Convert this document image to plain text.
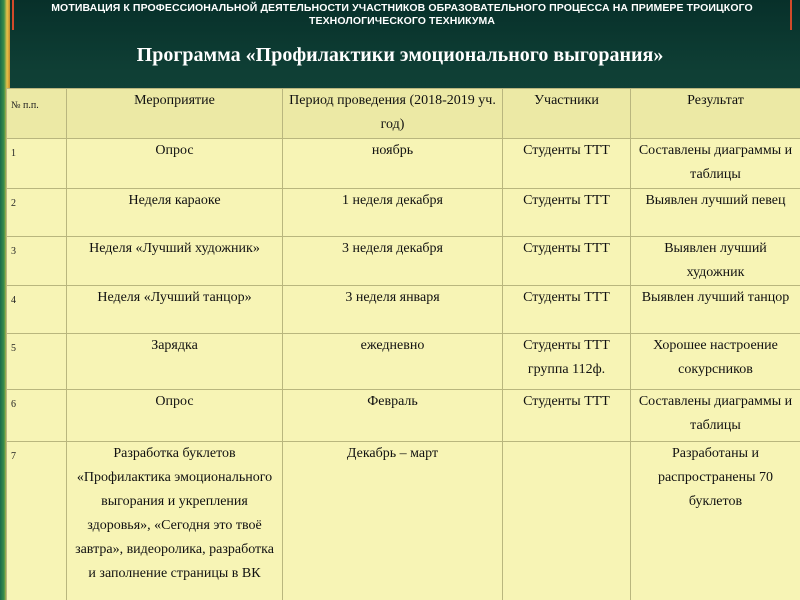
МОТИВАЦИЯ К ПРОФЕССИОНАЛЬНОЙ ДЕЯТЕЛЬНОСТИ УЧАСТНИКОВ ОБРАЗОВАТЕЛЬНОГО ПРОЦЕССА НА ПРИМЕРЕ ТРОИЦКОГО ТЕХНОЛОГИЧЕСКОГО ТЕХНИКУМА
Программа «Профилактики эмоционального выгорания»
№ п.п.	Мероприятие	Период проведения (2018-2019 уч. год)	Участники	Результат
1	Опрос	ноябрь	Студенты ТТТ	Составлены диаграммы и таблицы
2	Неделя караоке	1 неделя декабря	Студенты ТТТ	Выявлен лучший певец
3	Неделя «Лучший художник»	3 неделя декабря	Студенты ТТТ	Выявлен лучший художник
4	Неделя «Лучший танцор»	3 неделя января	Студенты ТТТ	Выявлен лучший танцор
5	Зарядка	ежедневно	Студенты ТТТ группа 112ф.	Хорошее настроение сокурсников
6	Опрос	Февраль	Студенты ТТТ	Составлены диаграммы и таблицы
7	Разработка буклетов «Профилактика эмоционального выгорания и укрепления здоровья», «Сегодня это твоё завтра», видеоролика, разработка и заполнение страницы в ВК	Декабрь – март		Разработаны и распространены 70 буклетов
